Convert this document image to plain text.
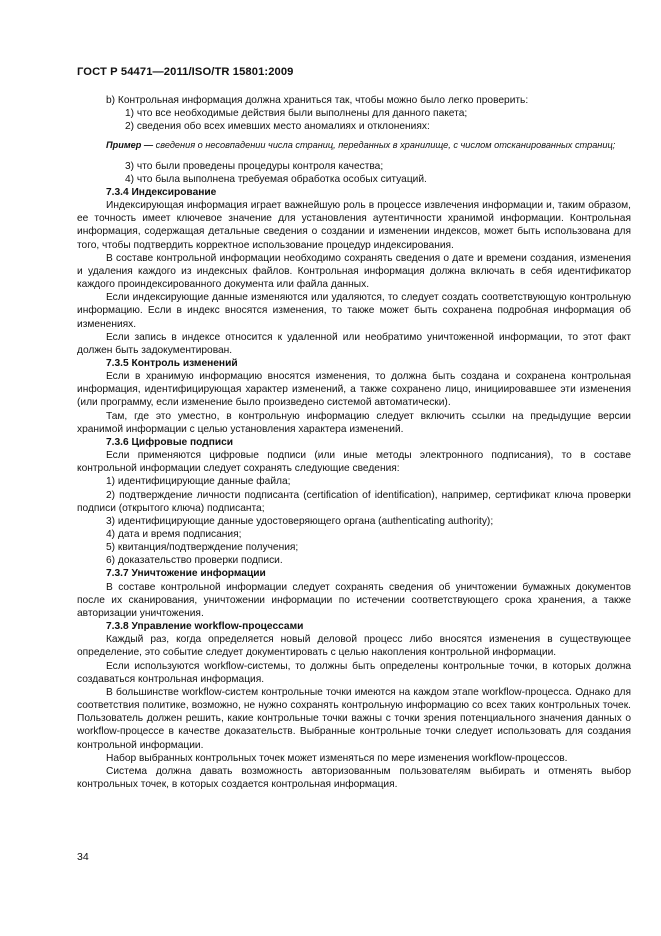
ГОСТ Р 54471—2011/ISO/TR 15801:2009

b) Контрольная информация должна храниться так, чтобы можно было легко проверить:

1) что все необходимые действия были выполнены для данного пакета;

2) сведения обо всех имевших место аномалиях и отклонениях:

Пример — сведения о несовпадении числа страниц, переданных в хранилище, с числом отсканированных страниц;

3) что были проведены процедуры контроля качества;

4) что была выполнена требуемая обработка особых ситуаций.

7.3.4 Индексирование

Индексирующая информация играет важнейшую роль в процессе извлечения информации и, таким образом, ее точность имеет ключевое значение для установления аутентичности хранимой информации. Контрольная информация, содержащая детальные сведения о создании и изменении индексов, может быть использована для того, чтобы подтвердить корректное использование процедур индексирования.

В составе контрольной информации необходимо сохранять сведения о дате и времени создания, изменения и удаления каждого из индексных файлов. Контрольная информация должна включать в себя идентификатор каждого проиндексированного документа или файла данных.

Если индексирующие данные изменяются или удаляются, то следует создать соответствующую контрольную информацию. Если в индекс вносятся изменения, то также может быть сохранена подробная информация об изменениях.

Если запись в индексе относится к удаленной или необратимо уничтоженной информации, то этот факт должен быть задокументирован.

7.3.5 Контроль изменений

Если в хранимую информацию вносятся изменения, то должна быть создана и сохранена контрольная информация, идентифицирующая характер изменений, а также сохранено лицо, инициировавшее эти изменения (или программу, если изменение было произведено системой автоматически).

Там, где это уместно, в контрольную информацию следует включить ссылки на предыдущие версии хранимой информации с целью установления характера изменений.

7.3.6 Цифровые подписи

Если применяются цифровые подписи (или иные методы электронного подписания), то в составе контрольной информации следует сохранять следующие сведения:

1) идентифицирующие данные файла;

2) подтверждение личности подписанта (certification of identification), например, сертификат ключа проверки подписи (открытого ключа) подписанта;

3) идентифицирующие данные удостоверяющего органа (authenticating authority);

4) дата и время подписания;

5) квитанция/подтверждение получения;

6) доказательство проверки подписи.

7.3.7 Уничтожение информации

В составе контрольной информации следует сохранять сведения об уничтожении бумажных документов после их сканирования, уничтожении информации по истечении соответствующего срока хранения, а также авторизации уничтожения.

7.3.8 Управление workflow-процессами

Каждый раз, когда определяется новый деловой процесс либо вносятся изменения в существующее определение, это событие следует документировать с целью накопления контрольной информации.

Если используются workflow-системы, то должны быть определены контрольные точки, в которых должна создаваться контрольная информация.

В большинстве workflow-систем контрольные точки имеются на каждом этапе workflow-процесса. Однако для соответствия политике, возможно, не нужно сохранять контрольную информацию со всех таких контрольных точек. Пользователь должен решить, какие контрольные точки важны с точки зрения потенциального значения данных о workflow-процессе в качестве доказательств. Выбранные контрольные точки следует использовать для создания контрольной информации.

Набор выбранных контрольных точек может изменяться по мере изменения workflow-процессов.

Система должна давать возможность авторизованным пользователям выбирать и отменять выбор контрольных точек, в которых создается контрольная информация.

34
